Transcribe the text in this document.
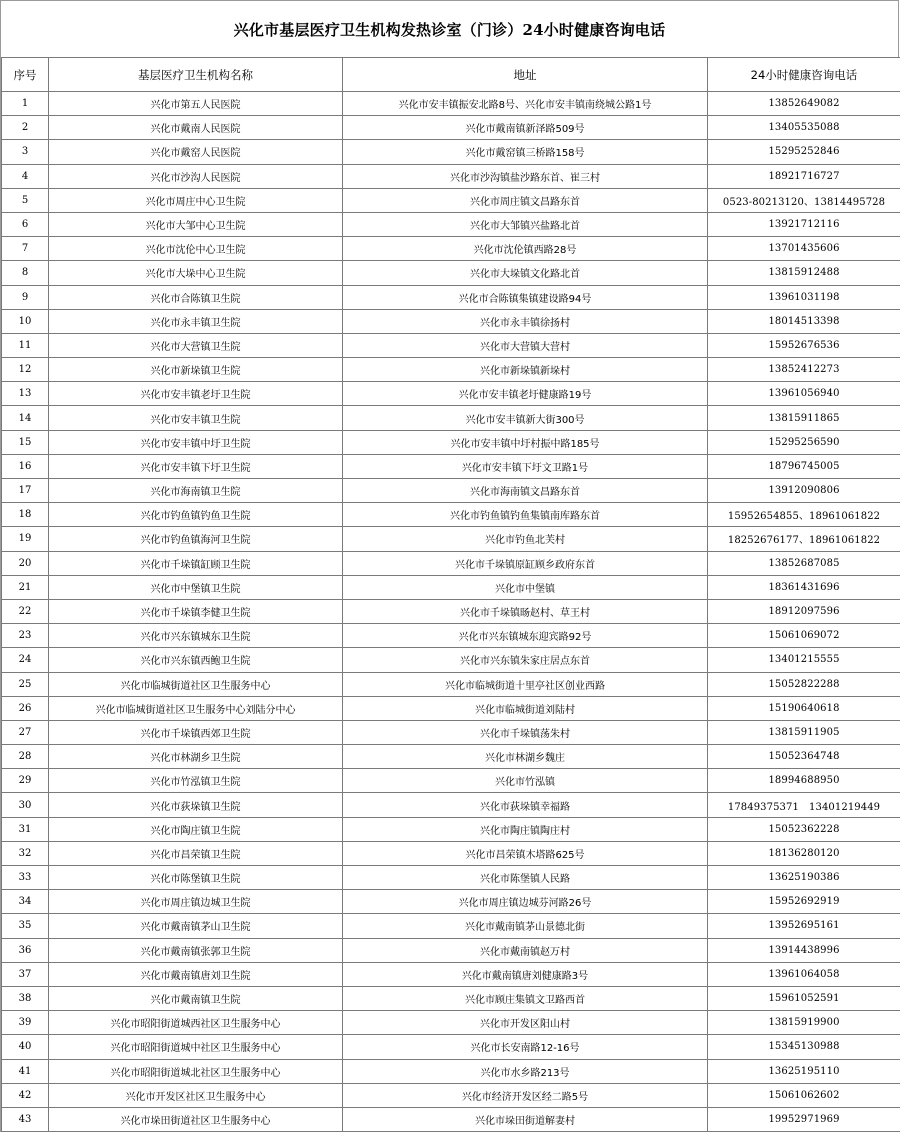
兴化市基层医疗卫生机构发热诊室（门诊）24小时健康咨询电话
序号	基层医疗卫生机构名称	地址	24小时健康咨询电话
1	兴化市第五人民医院	兴化市安丰镇振安北路8号、兴化市安丰镇南绕城公路1号	13852649082
2	兴化市戴南人民医院	兴化市戴南镇新泽路509号	13405535088
3	兴化市戴窑人民医院	兴化市戴窑镇三桥路158号	15295252846
4	兴化市沙沟人民医院	兴化市沙沟镇盐沙路东首、崔三村	18921716727
5	兴化市周庄中心卫生院	兴化市周庄镇文昌路东首	0523-80213120、13814495728
6	兴化市大邹中心卫生院	兴化市大邹镇兴盐路北首	13921712116
7	兴化市沈伦中心卫生院	兴化市沈伦镇西路28号	13701435606
8	兴化市大垛中心卫生院	兴化市大垛镇文化路北首	13815912488
9	兴化市合陈镇卫生院	兴化市合陈镇集镇建设路94号	13961031198
10	兴化市永丰镇卫生院	兴化市永丰镇徐扬村	18014513398
11	兴化市大营镇卫生院	兴化市大营镇大营村	15952676536
12	兴化市新垛镇卫生院	兴化市新垛镇新垛村	13852412273
13	兴化市安丰镇老圩卫生院	兴化市安丰镇老圩健康路19号	13961056940
14	兴化市安丰镇卫生院	兴化市安丰镇新大街300号	13815911865
15	兴化市安丰镇中圩卫生院	兴化市安丰镇中圩村振中路185号	15295256590
16	兴化市安丰镇下圩卫生院	兴化市安丰镇下圩文卫路1号	18796745005
17	兴化市海南镇卫生院	兴化市海南镇文昌路东首	13912090806
18	兴化市钓鱼镇钓鱼卫生院	兴化市钓鱼镇钓鱼集镇南库路东首	15952654855、18961061822
19	兴化市钓鱼镇海河卫生院	兴化市钓鱼北芙村	18252676177、18961061822
20	兴化市千垛镇缸顾卫生院	兴化市千垛镇原缸顾乡政府东首	13852687085
21	兴化市中堡镇卫生院	兴化市中堡镇	18361431696
22	兴化市千垛镇李健卫生院	兴化市千垛镇旸赵村、草王村	18912097596
23	兴化市兴东镇城东卫生院	兴化市兴东镇城东迎宾路92号	15061069072
24	兴化市兴东镇西鲍卫生院	兴化市兴东镇朱家庄居点东首	13401215555
25	兴化市临城街道社区卫生服务中心	兴化市临城街道十里亭社区创业西路	15052822288
26	兴化市临城街道社区卫生服务中心刘陆分中心	兴化市临城街道刘陆村	15190640618
27	兴化市千垛镇西郊卫生院	兴化市千垛镇荡朱村	13815911905
28	兴化市林湖乡卫生院	兴化市林湖乡魏庄	15052364748
29	兴化市竹泓镇卫生院	兴化市竹泓镇	18994688950
30	兴化市荻垛镇卫生院	兴化市荻垛镇幸福路	17849375371　13401219449
31	兴化市陶庄镇卫生院	兴化市陶庄镇陶庄村	15052362228
32	兴化市昌荣镇卫生院	兴化市昌荣镇木塔路625号	18136280120
33	兴化市陈堡镇卫生院	兴化市陈堡镇人民路	13625190386
34	兴化市周庄镇边城卫生院	兴化市周庄镇边城芬河路26号	15952692919
35	兴化市戴南镇茅山卫生院	兴化市戴南镇茅山景德北街	13952695161
36	兴化市戴南镇张郭卫生院	兴化市戴南镇赵万村	13914438996
37	兴化市戴南镇唐刘卫生院	兴化市戴南镇唐刘健康路3号	13961064058
38	兴化市戴南镇卫生院	兴化市顾庄集镇文卫路西首	15961052591
39	兴化市昭阳街道城西社区卫生服务中心	兴化市开发区阳山村	13815919900
40	兴化市昭阳街道城中社区卫生服务中心	兴化市长安南路12-16号	15345130988
41	兴化市昭阳街道城北社区卫生服务中心	兴化市水乡路213号	13625195110
42	兴化市开发区社区卫生服务中心	兴化市经济开发区经二路5号	15061062602
43	兴化市垛田街道社区卫生服务中心	兴化市垛田街道解妻村	19952971969
